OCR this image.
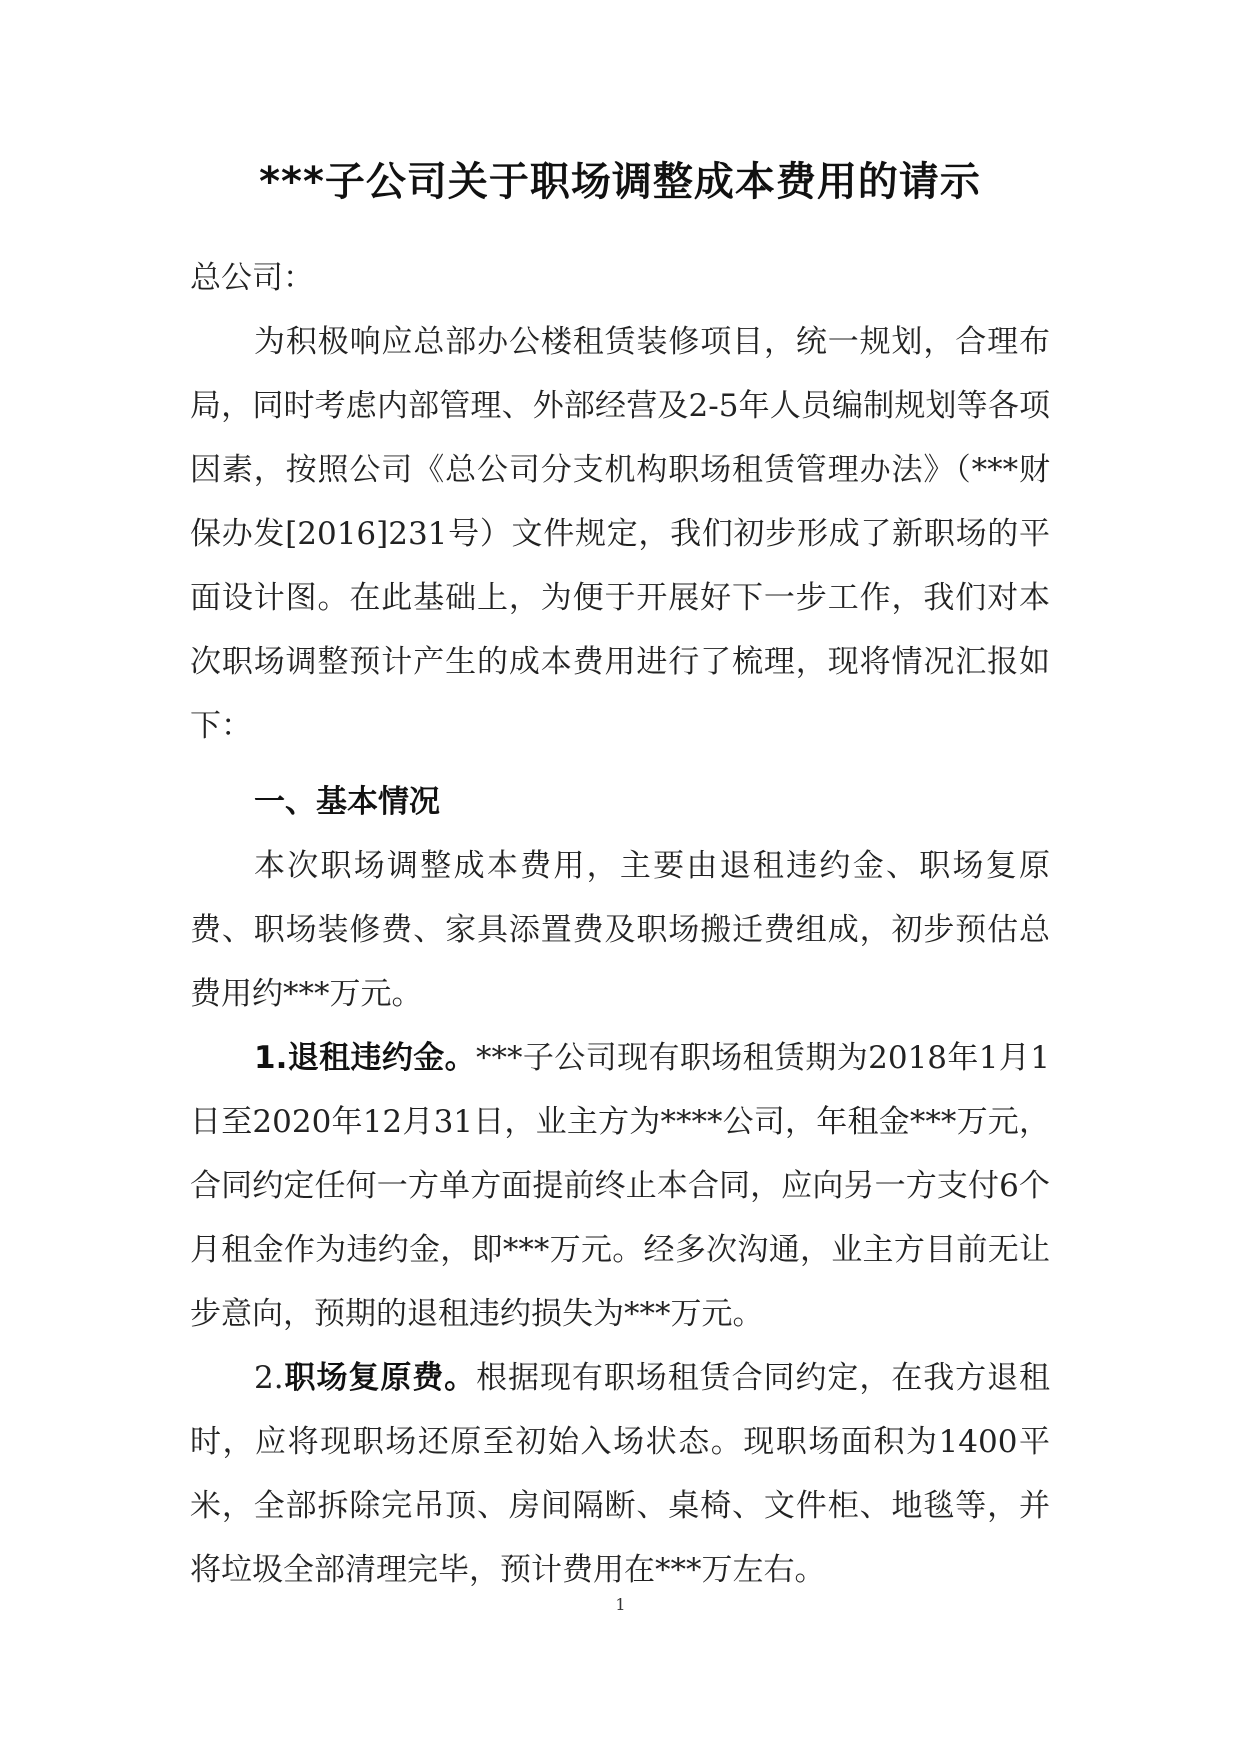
***子公司关于职场调整成本费用的请示
总公司：
为积极响应总部办公楼租赁装修项目，统一规划，合理布局，同时考虑内部管理、外部经营及2-5年人员编制规划等各项因素，按照公司《总公司分支机构职场租赁管理办法》（***财保办发[2016]231号）文件规定，我们初步形成了新职场的平面设计图。在此基础上，为便于开展好下一步工作，我们对本次职场调整预计产生的成本费用进行了梳理，现将情况汇报如下：
一、基本情况
本次职场调整成本费用，主要由退租违约金、职场复原费、职场装修费、家具添置费及职场搬迁费组成，初步预估总费用约***万元。
1.退租违约金。***子公司现有职场租赁期为2018年1月1日至2020年12月31日，业主方为****公司，年租金***万元，合同约定任何一方单方面提前终止本合同，应向另一方支付6个月租金作为违约金，即***万元。经多次沟通，业主方目前无让步意向，预期的退租违约损失为***万元。
2.职场复原费。根据现有职场租赁合同约定，在我方退租时，应将现职场还原至初始入场状态。现职场面积为1400平米，全部拆除完吊顶、房间隔断、桌椅、文件柜、地毯等，并将垃圾全部清理完毕，预计费用在***万左右。
1
